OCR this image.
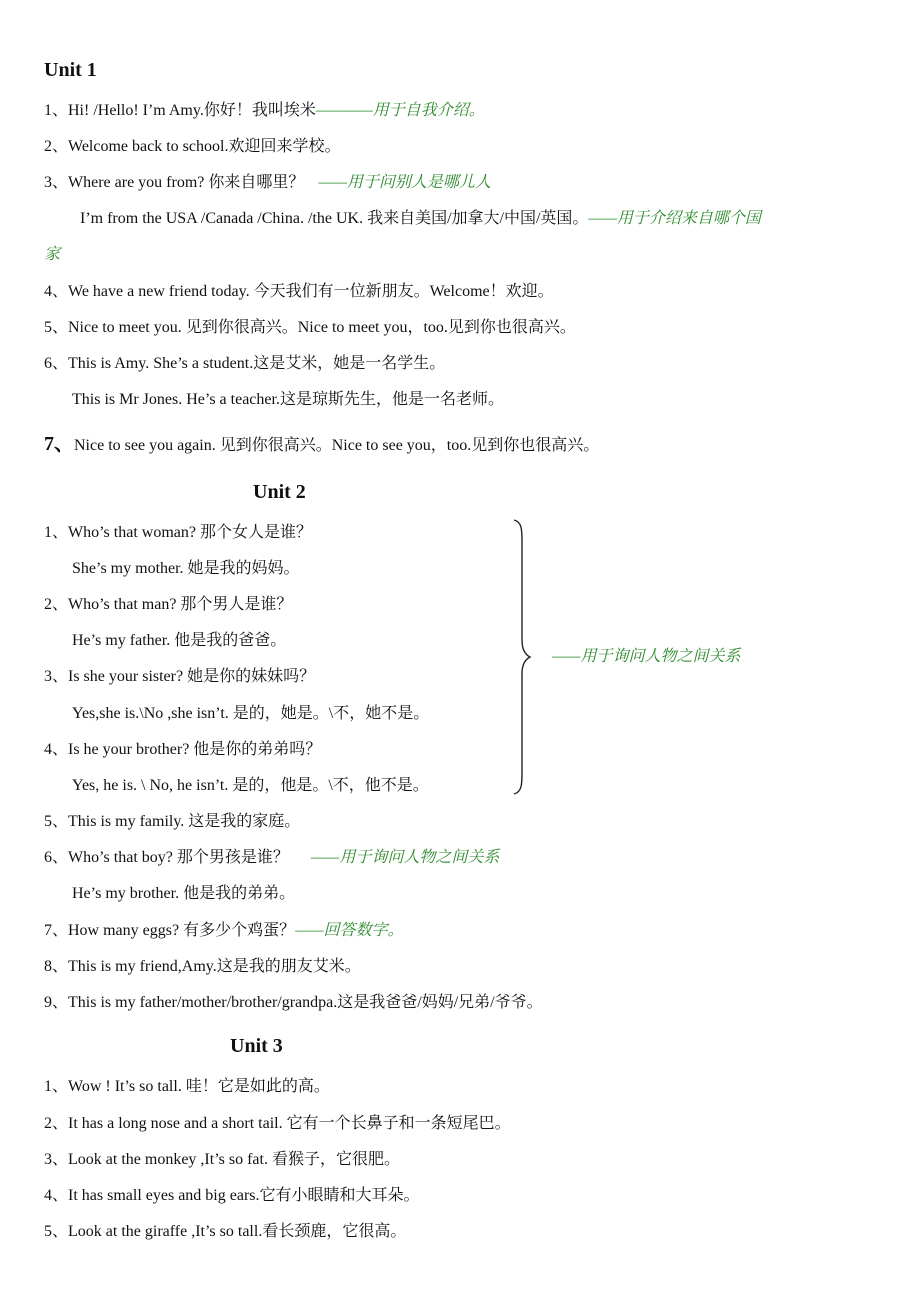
Unit 1
1、Hi! /Hello! I’m Amy.你好！我叫埃米————用于自我介绍。
2、Welcome back to school.欢迎回来学校。
3、Where are you from? 你来自哪里？ ——用于问别人是哪儿人
I’m from the USA /Canada /China. /the UK. 我来自美国/加拿大/中国/英国。——用于介绍来自哪个国
家
4、We have a new friend today. 今天我们有一位新朋友。Welcome！欢迎。
5、Nice to meet you. 见到你很高兴。Nice to meet you，too.见到你也很高兴。
6、This is Amy. She’s a student.这是艾米，她是一名学生。
This is Mr Jones. He’s a teacher.这是琼斯先生，他是一名老师。
7、Nice to see you again. 见到你很高兴。Nice to see you，too.见到你也很高兴。
Unit 2
1、Who’s that woman? 那个女人是谁？
She’s my mother. 她是我的妈妈。
2、Who’s that man? 那个男人是谁？
He’s my father. 他是我的爸爸。
3、Is she your sister? 她是你的妹妹吗？
Yes,she is.\No ,she isn’t. 是的，她是。\不，她不是。
4、Is he your brother? 他是你的弟弟吗？
Yes, he is. \ No, he isn’t. 是的，他是。\不，他不是。
——用于询问人物之间关系
5、This is my family. 这是我的家庭。
6、Who’s that boy? 那个男孩是谁？ ——用于询问人物之间关系
He’s my brother. 他是我的弟弟。
7、How many eggs? 有多少个鸡蛋？——回答数字。
8、This is my friend,Amy.这是我的朋友艾米。
9、This is my father/mother/brother/grandpa.这是我爸爸/妈妈/兄弟/爷爷。
Unit 3
1、Wow ! It’s so tall. 哇！它是如此的高。
2、It has a long nose and a short tail. 它有一个长鼻子和一条短尾巴。
3、Look at the monkey ,It’s so fat. 看猴子，它很肥。
4、It has small eyes and big ears.它有小眼睛和大耳朵。
5、Look at the giraffe ,It’s so tall.看长颈鹿，它很高。
